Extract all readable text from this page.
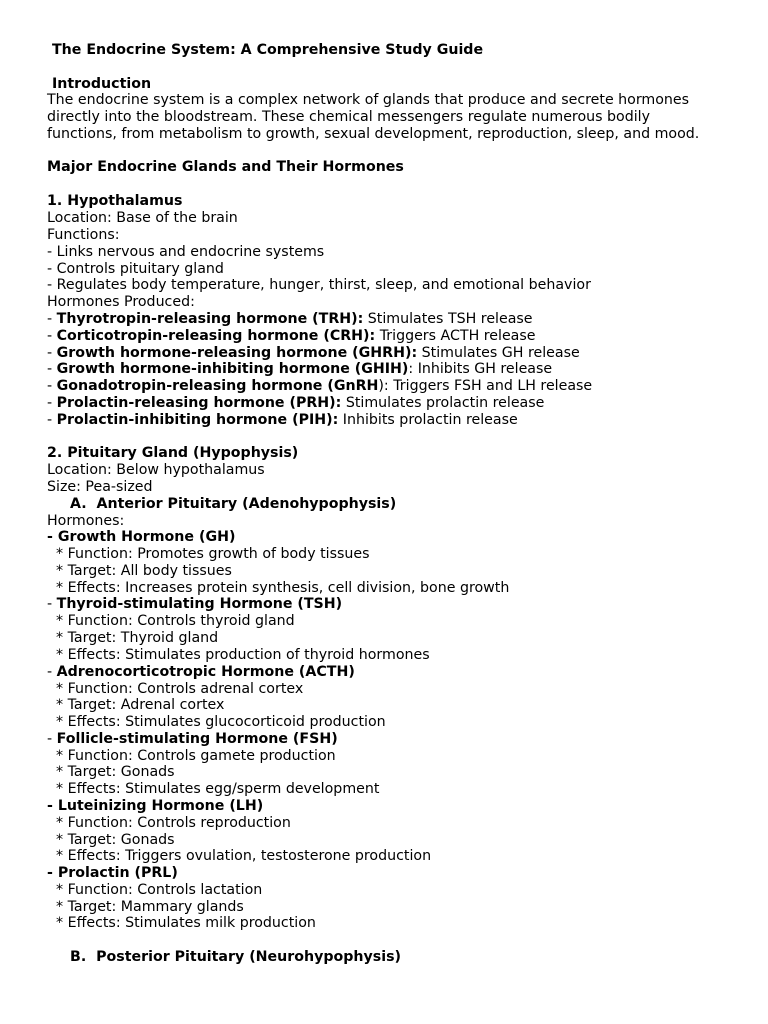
The Endocrine System: A Comprehensive Study Guide
Introduction
The endocrine system is a complex network of glands that produce and secrete hormones directly into the bloodstream. These chemical messengers regulate numerous bodily functions, from metabolism to growth, sexual development, reproduction, sleep, and mood.
Major Endocrine Glands and Their Hormones
1. Hypothalamus
Location: Base of the brain
Functions:
- Links nervous and endocrine systems
- Controls pituitary gland
- Regulates body temperature, hunger, thirst, sleep, and emotional behavior
Hormones Produced:
- Thyrotropin-releasing hormone (TRH): Stimulates TSH release
- Corticotropin-releasing hormone (CRH): Triggers ACTH release
- Growth hormone-releasing hormone (GHRH): Stimulates GH release
- Growth hormone-inhibiting hormone (GHIH): Inhibits GH release
- Gonadotropin-releasing hormone (GnRH): Triggers FSH and LH release
- Prolactin-releasing hormone (PRH): Stimulates prolactin release
- Prolactin-inhibiting hormone (PIH): Inhibits prolactin release
2. Pituitary Gland (Hypophysis)
Location: Below hypothalamus
Size: Pea-sized
A. Anterior Pituitary (Adenohypophysis)
Hormones:
- Growth Hormone (GH)
* Function: Promotes growth of body tissues
* Target: All body tissues
* Effects: Increases protein synthesis, cell division, bone growth
- Thyroid-stimulating Hormone (TSH)
* Function: Controls thyroid gland
* Target: Thyroid gland
* Effects: Stimulates production of thyroid hormones
- Adrenocorticotropic Hormone (ACTH)
* Function: Controls adrenal cortex
* Target: Adrenal cortex
* Effects: Stimulates glucocorticoid production
- Follicle-stimulating Hormone (FSH)
* Function: Controls gamete production
* Target: Gonads
* Effects: Stimulates egg/sperm development
- Luteinizing Hormone (LH)
* Function: Controls reproduction
* Target: Gonads
* Effects: Triggers ovulation, testosterone production
- Prolactin (PRL)
* Function: Controls lactation
* Target: Mammary glands
* Effects: Stimulates milk production
B. Posterior Pituitary (Neurohypophysis)
